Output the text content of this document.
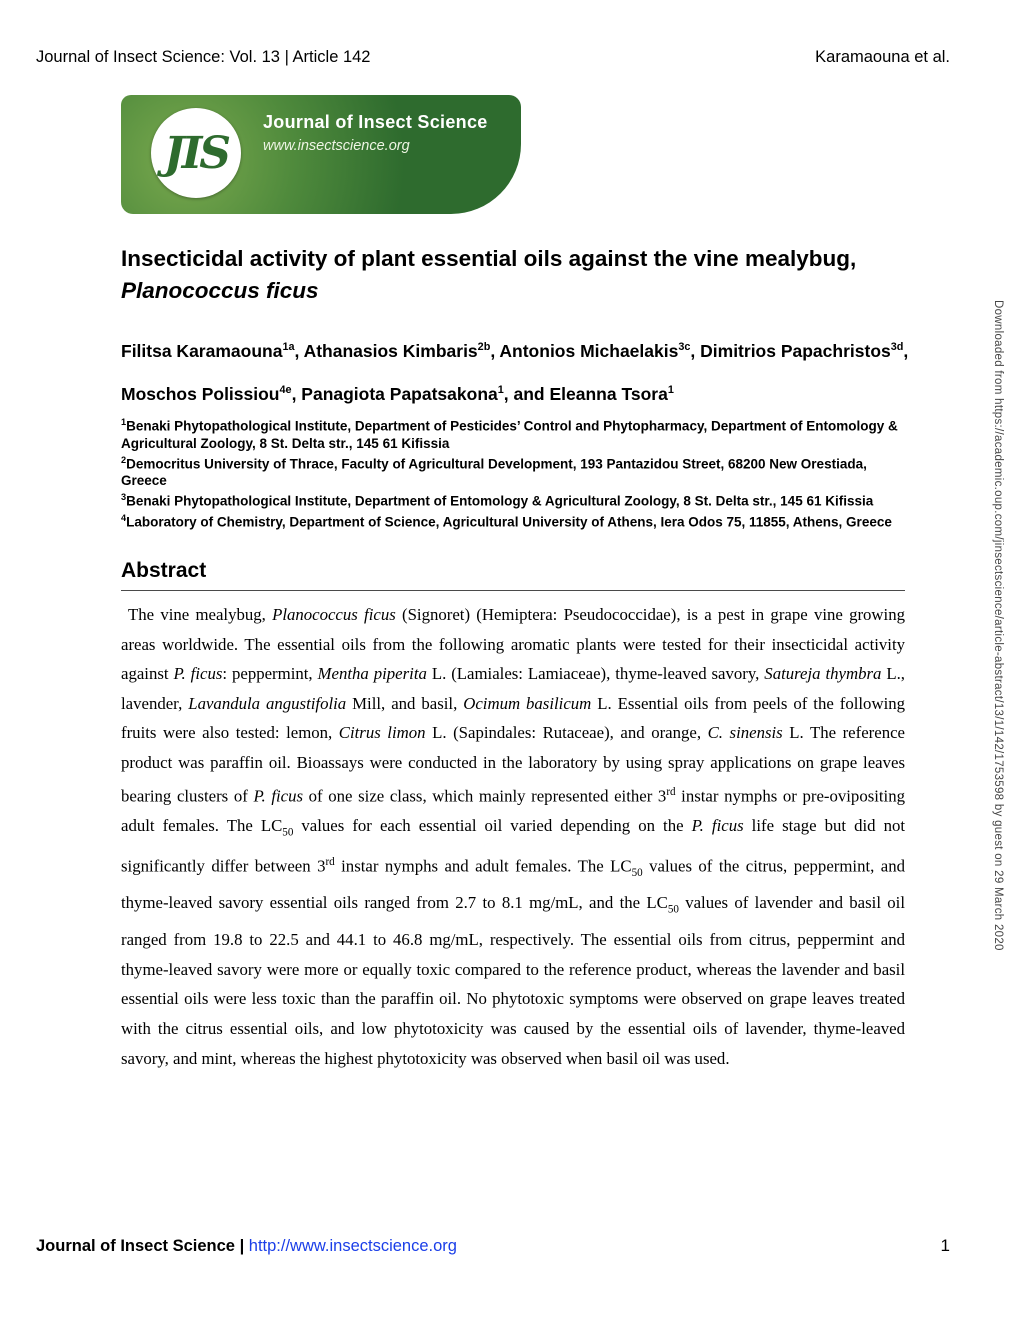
Journal of Insect Science: Vol. 13 | Article 142	Karamaouna et al.
JIS
Journal of Insect Science
www.insectscience.org
Insecticidal activity of plant essential oils against the vine mealybug, Planococcus ficus

Filitsa Karamaouna$^{1a}$, Athanasios Kimbaris$^{2b}$, Antonios Michaelakis$^{3c}$, Dimitrios Papachristos$^{3d}$, Moschos Polissiou$^{4e}$, Panagiota Papatsakona$^1$, and Eleanna Tsora$^1$

$^1$Benaki Phytopathological Institute, Department of Pesticides’ Control and Phytopharmacy, Department of Entomology & Agricultural Zoology, 8 St. Delta str., 145 61 Kifissia

$^2$Democritus University of Thrace, Faculty of Agricultural Development, 193 Pantazidou Street, 68200 New Orestiada, Greece

$^3$Benaki Phytopathological Institute, Department of Entomology & Agricultural Zoology, 8 St. Delta str., 145 61 Kifissia

$^4$Laboratory of Chemistry, Department of Science, Agricultural University of Athens, Iera Odos 75, 11855, Athens, Greece

Abstract

The vine mealybug, Planococcus ficus (Signoret) (Hemiptera: Pseudococcidae), is a pest in grape vine growing areas worldwide. The essential oils from the following aromatic plants were tested for their insecticidal activity against P. ficus: peppermint, Mentha piperita L. (Lamiales: Lamiaceae), thyme-leaved savory, Satureja thymbra L., lavender, Lavandula angustifolia Mill, and basil, Ocimum basilicum L. Essential oils from peels of the following fruits were also tested: lemon, Citrus limon L. (Sapindales: Rutaceae), and orange, C. sinensis L. The reference product was paraffin oil. Bioassays were conducted in the laboratory by using spray applications on grape leaves bearing clusters of P. ficus of one size class, which mainly represented either 3rd instar nymphs or pre-ovipositing adult females. The $LC_{50}$ values for each essential oil varied depending on the P. ficus life stage but did not significantly differ between 3rd instar nymphs and adult females. The $LC_{50}$ values of the citrus, peppermint, and thyme-leaved savory essential oils ranged from 2.7 to 8.1 mg/mL, and the $LC_{50}$ values of lavender and basil oil ranged from 19.8 to 22.5 and 44.1 to 46.8 mg/mL, respectively. The essential oils from citrus, peppermint and thyme-leaved savory were more or equally toxic compared to the reference product, whereas the lavender and basil essential oils were less toxic than the paraffin oil. No phytotoxic symptoms were observed on grape leaves treated with the citrus essential oils, and low phytotoxicity was caused by the essential oils of lavender, thyme-leaved savory, and mint, whereas the highest phytotoxicity was observed when basil oil was used.

Downloaded from https://academic.oup.com/jinsectscience/article-abstract/13/1/142/1753598 by guest on 29 March 2020
Journal of Insect Science | http://www.insectscience.org	1
